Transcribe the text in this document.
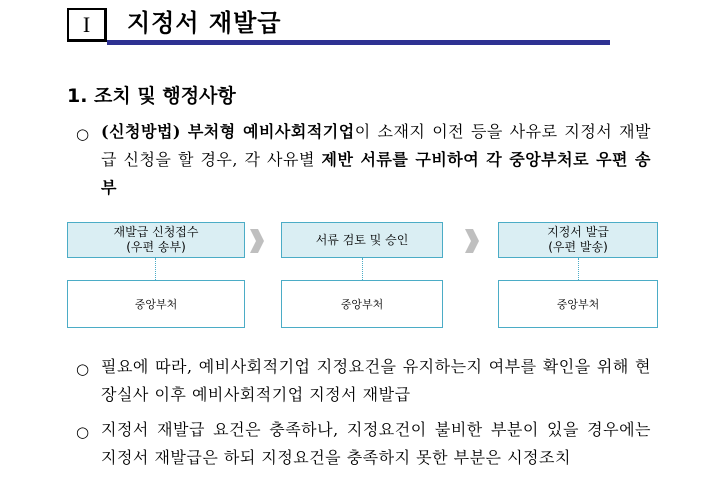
I 지정서 재발급
1. 조치 및 행정사항
○ (신청방법) 부처형 예비사회적기업이 소재지 이전 등을 사유로 지정서 재발급 신청을 할 경우, 각 사유별 제반 서류를 구비하여 각 중앙부처로 우편 송부
재발급 신청접수
(우편 송부)
중앙부처
서류 검토 및 승인
중앙부처
지정서 발급
(우편 발송)
중앙부처
○ 필요에 따라, 예비사회적기업 지정요건을 유지하는지 여부를 확인을 위해 현장실사 이후 예비사회적기업 지정서 재발급
○ 지정서 재발급 요건은 충족하나, 지정요건이 불비한 부분이 있을 경우에는 지정서 재발급은 하되 지정요건을 충족하지 못한 부분은 시정조치
